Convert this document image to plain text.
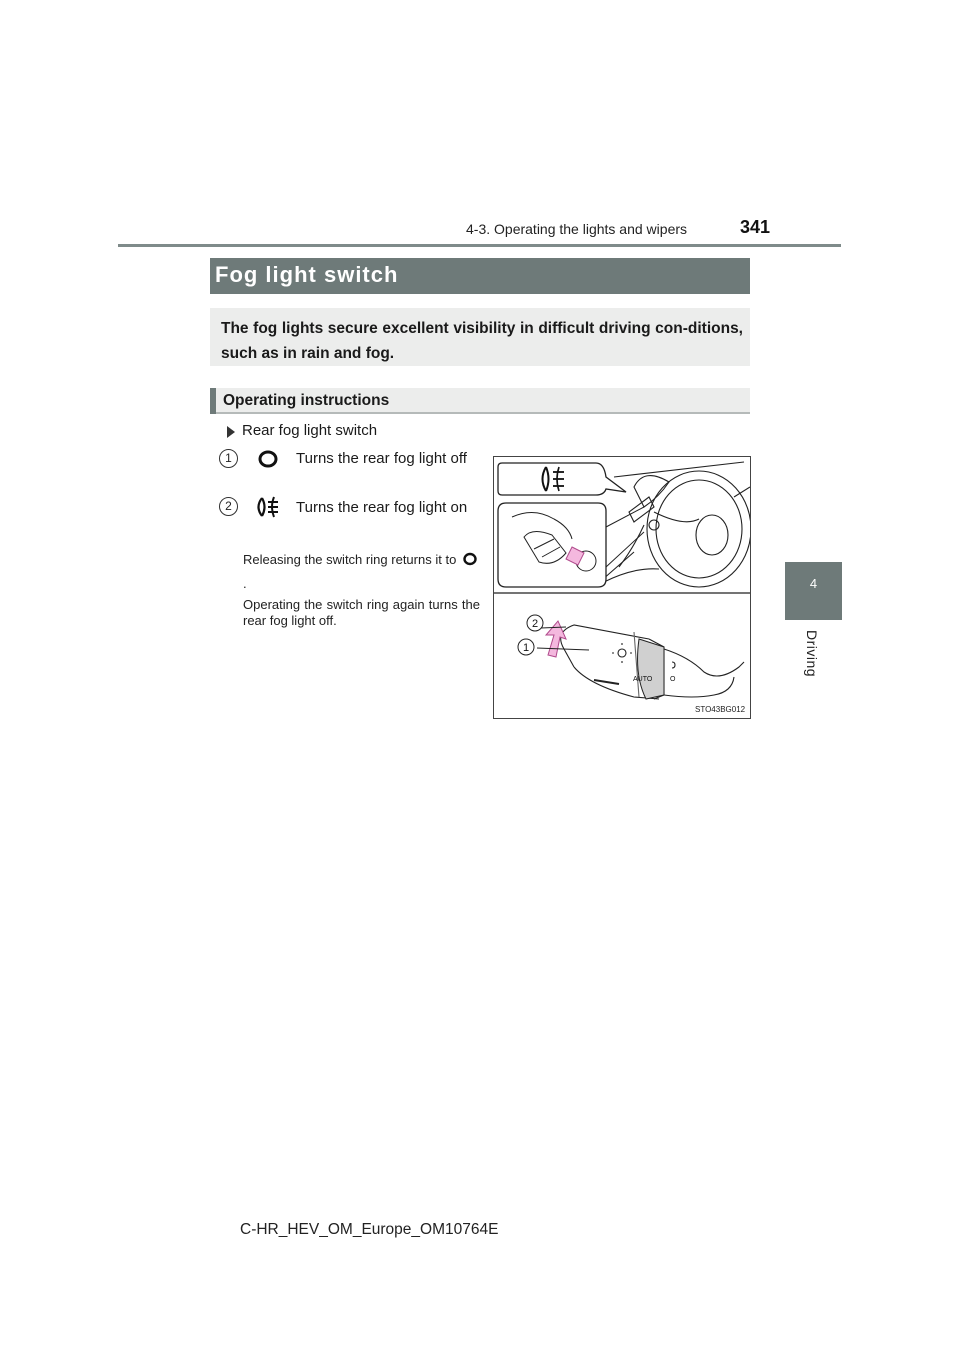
4-3. Operating the lights and wipers	341
4
Driving
Fog light switch
The fog lights secure excellent visibility in difficult driving con-ditions, such as in rain and fog.
Operating instructions
Rear fog light switch
1	Turns the rear fog light off
2	Turns the rear fog light on
Releasing the switch ring returns it to .
Operating the switch ring again turns the rear fog light off.
AUTO	O
2
1
STO43BG012
C-HR_HEV_OM_Europe_OM10764E
